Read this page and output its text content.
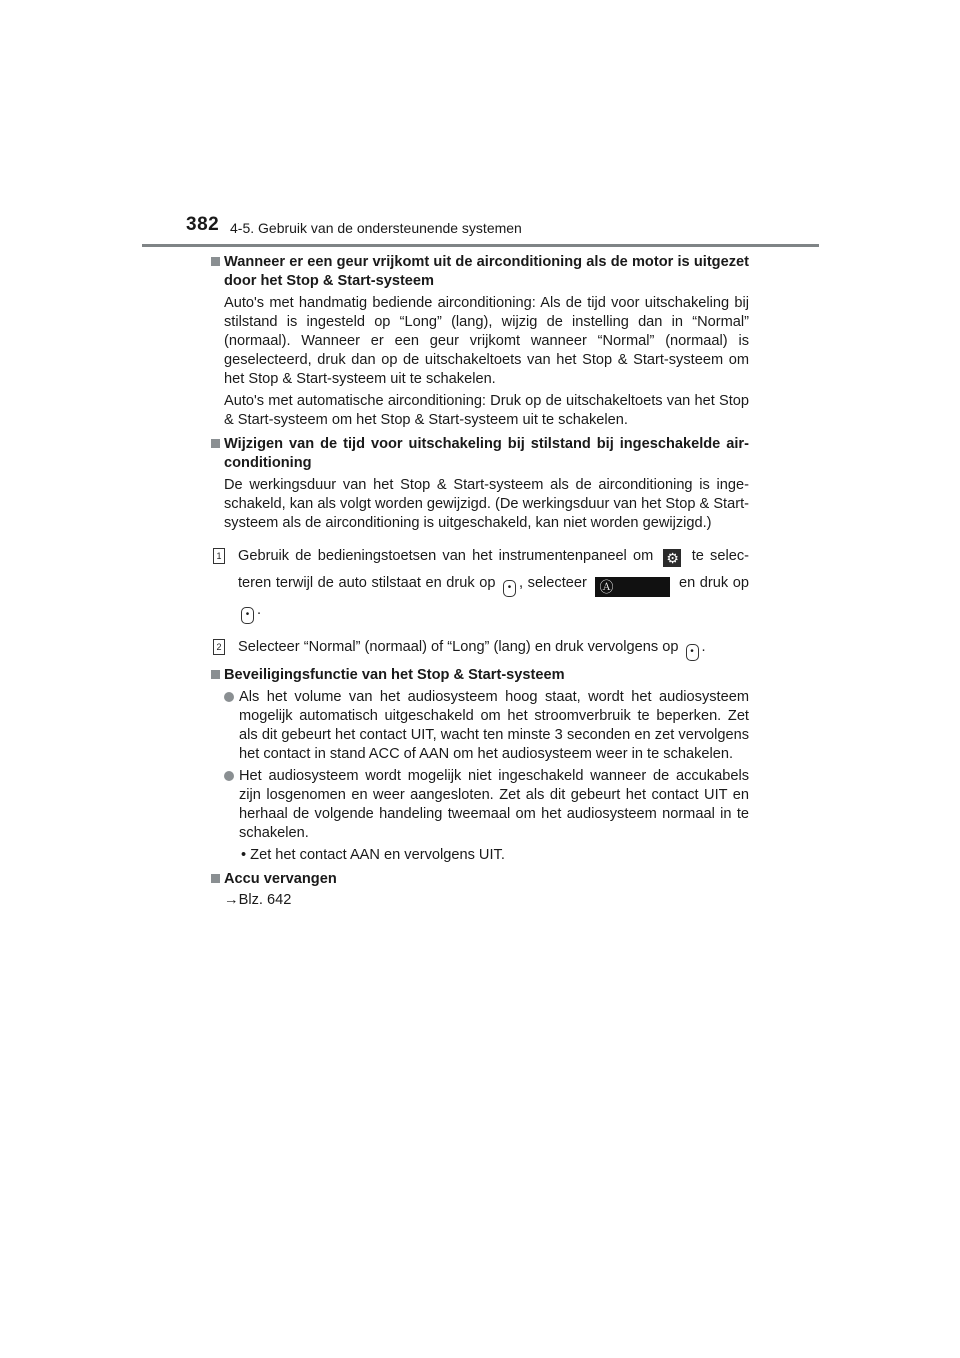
382 4-5. Gebruik van de ondersteunende systemen
Wanneer er een geur vrijkomt uit de airconditioning als de motor is uitgezet door het Stop & Start-systeem
Auto's met handmatig bediende airconditioning: Als de tijd voor uitschakeling bij stilstand is ingesteld op “Long” (lang), wijzig de instelling dan in “Normal” (normaal). Wanneer er een geur vrijkomt wanneer “Normal” (normaal) is geselecteerd, druk dan op de uitschakeltoets van het Stop & Start-systeem om het Stop & Start-systeem uit te schakelen.
Auto's met automatische airconditioning: Druk op de uitschakeltoets van het Stop & Start-systeem om het Stop & Start-systeem uit te schakelen.
Wijzigen van de tijd voor uitschakeling bij stilstand bij ingeschakelde airconditioning
De werkingsduur van het Stop & Start-systeem als de airconditioning is ingeschakeld, kan als volgt worden gewijzigd. (De werkingsduur van het Stop & Start-systeem als de airconditioning is uitgeschakeld, kan niet worden gewijzigd.)
1 Gebruik de bedieningstoetsen van het instrumentenpaneel om ⚙ te selecteren terwijl de auto stilstaat en druk op • , selecteer Ⓐ	en druk op • .
2 Selecteer “Normal” (normaal) of “Long” (lang) en druk vervolgens op • .
Beveiligingsfunctie van het Stop & Start-systeem
Als het volume van het audiosysteem hoog staat, wordt het audiosysteem mogelijk automatisch uitgeschakeld om het stroomverbruik te beperken. Zet als dit gebeurt het contact UIT, wacht ten minste 3 seconden en zet vervolgens het contact in stand ACC of AAN om het audiosysteem weer in te schakelen.
Het audiosysteem wordt mogelijk niet ingeschakeld wanneer de accukabels zijn losgenomen en weer aangesloten. Zet als dit gebeurt het contact UIT en herhaal de volgende handeling tweemaal om het audiosysteem normaal in te schakelen.
• Zet het contact AAN en vervolgens UIT.
Accu vervangen
→Blz. 642
